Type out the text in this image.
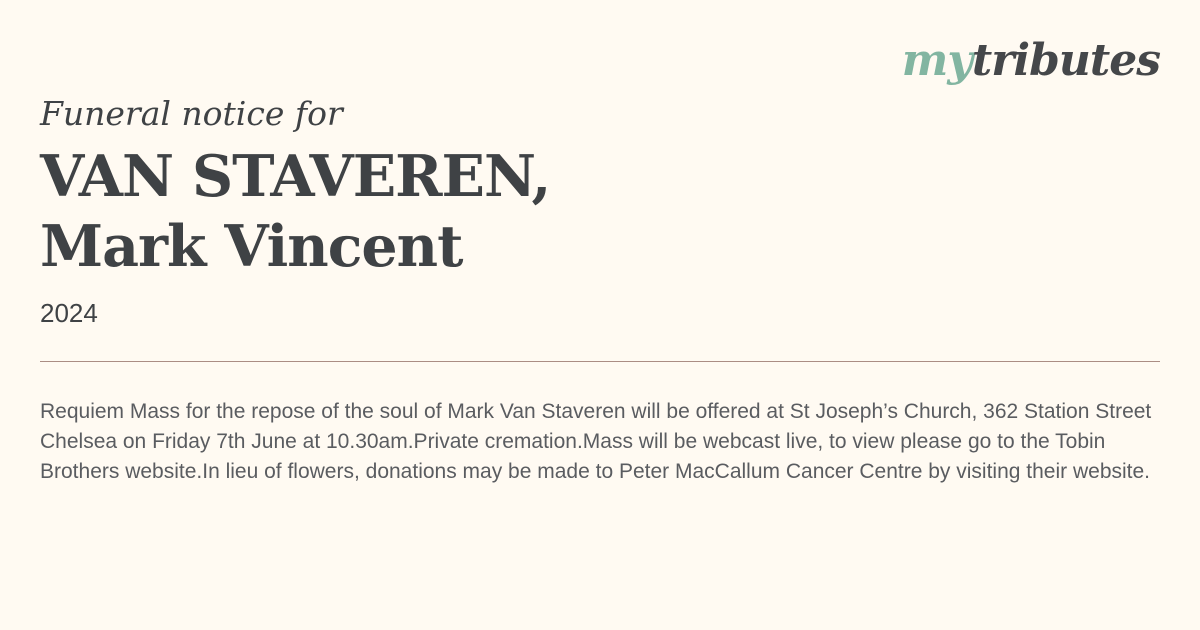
mytributes
Funeral notice for
VAN STAVEREN,
Mark Vincent
2024

Requiem Mass for the repose of the soul of Mark Van Staveren will be offered at St Joseph’s Church, 362 Station Street Chelsea on Friday 7th June at 10.30am.Private cremation.Mass will be webcast live, to view please go to the Tobin Brothers website.In lieu of flowers, donations may be made to Peter MacCallum Cancer Centre by visiting their website.
